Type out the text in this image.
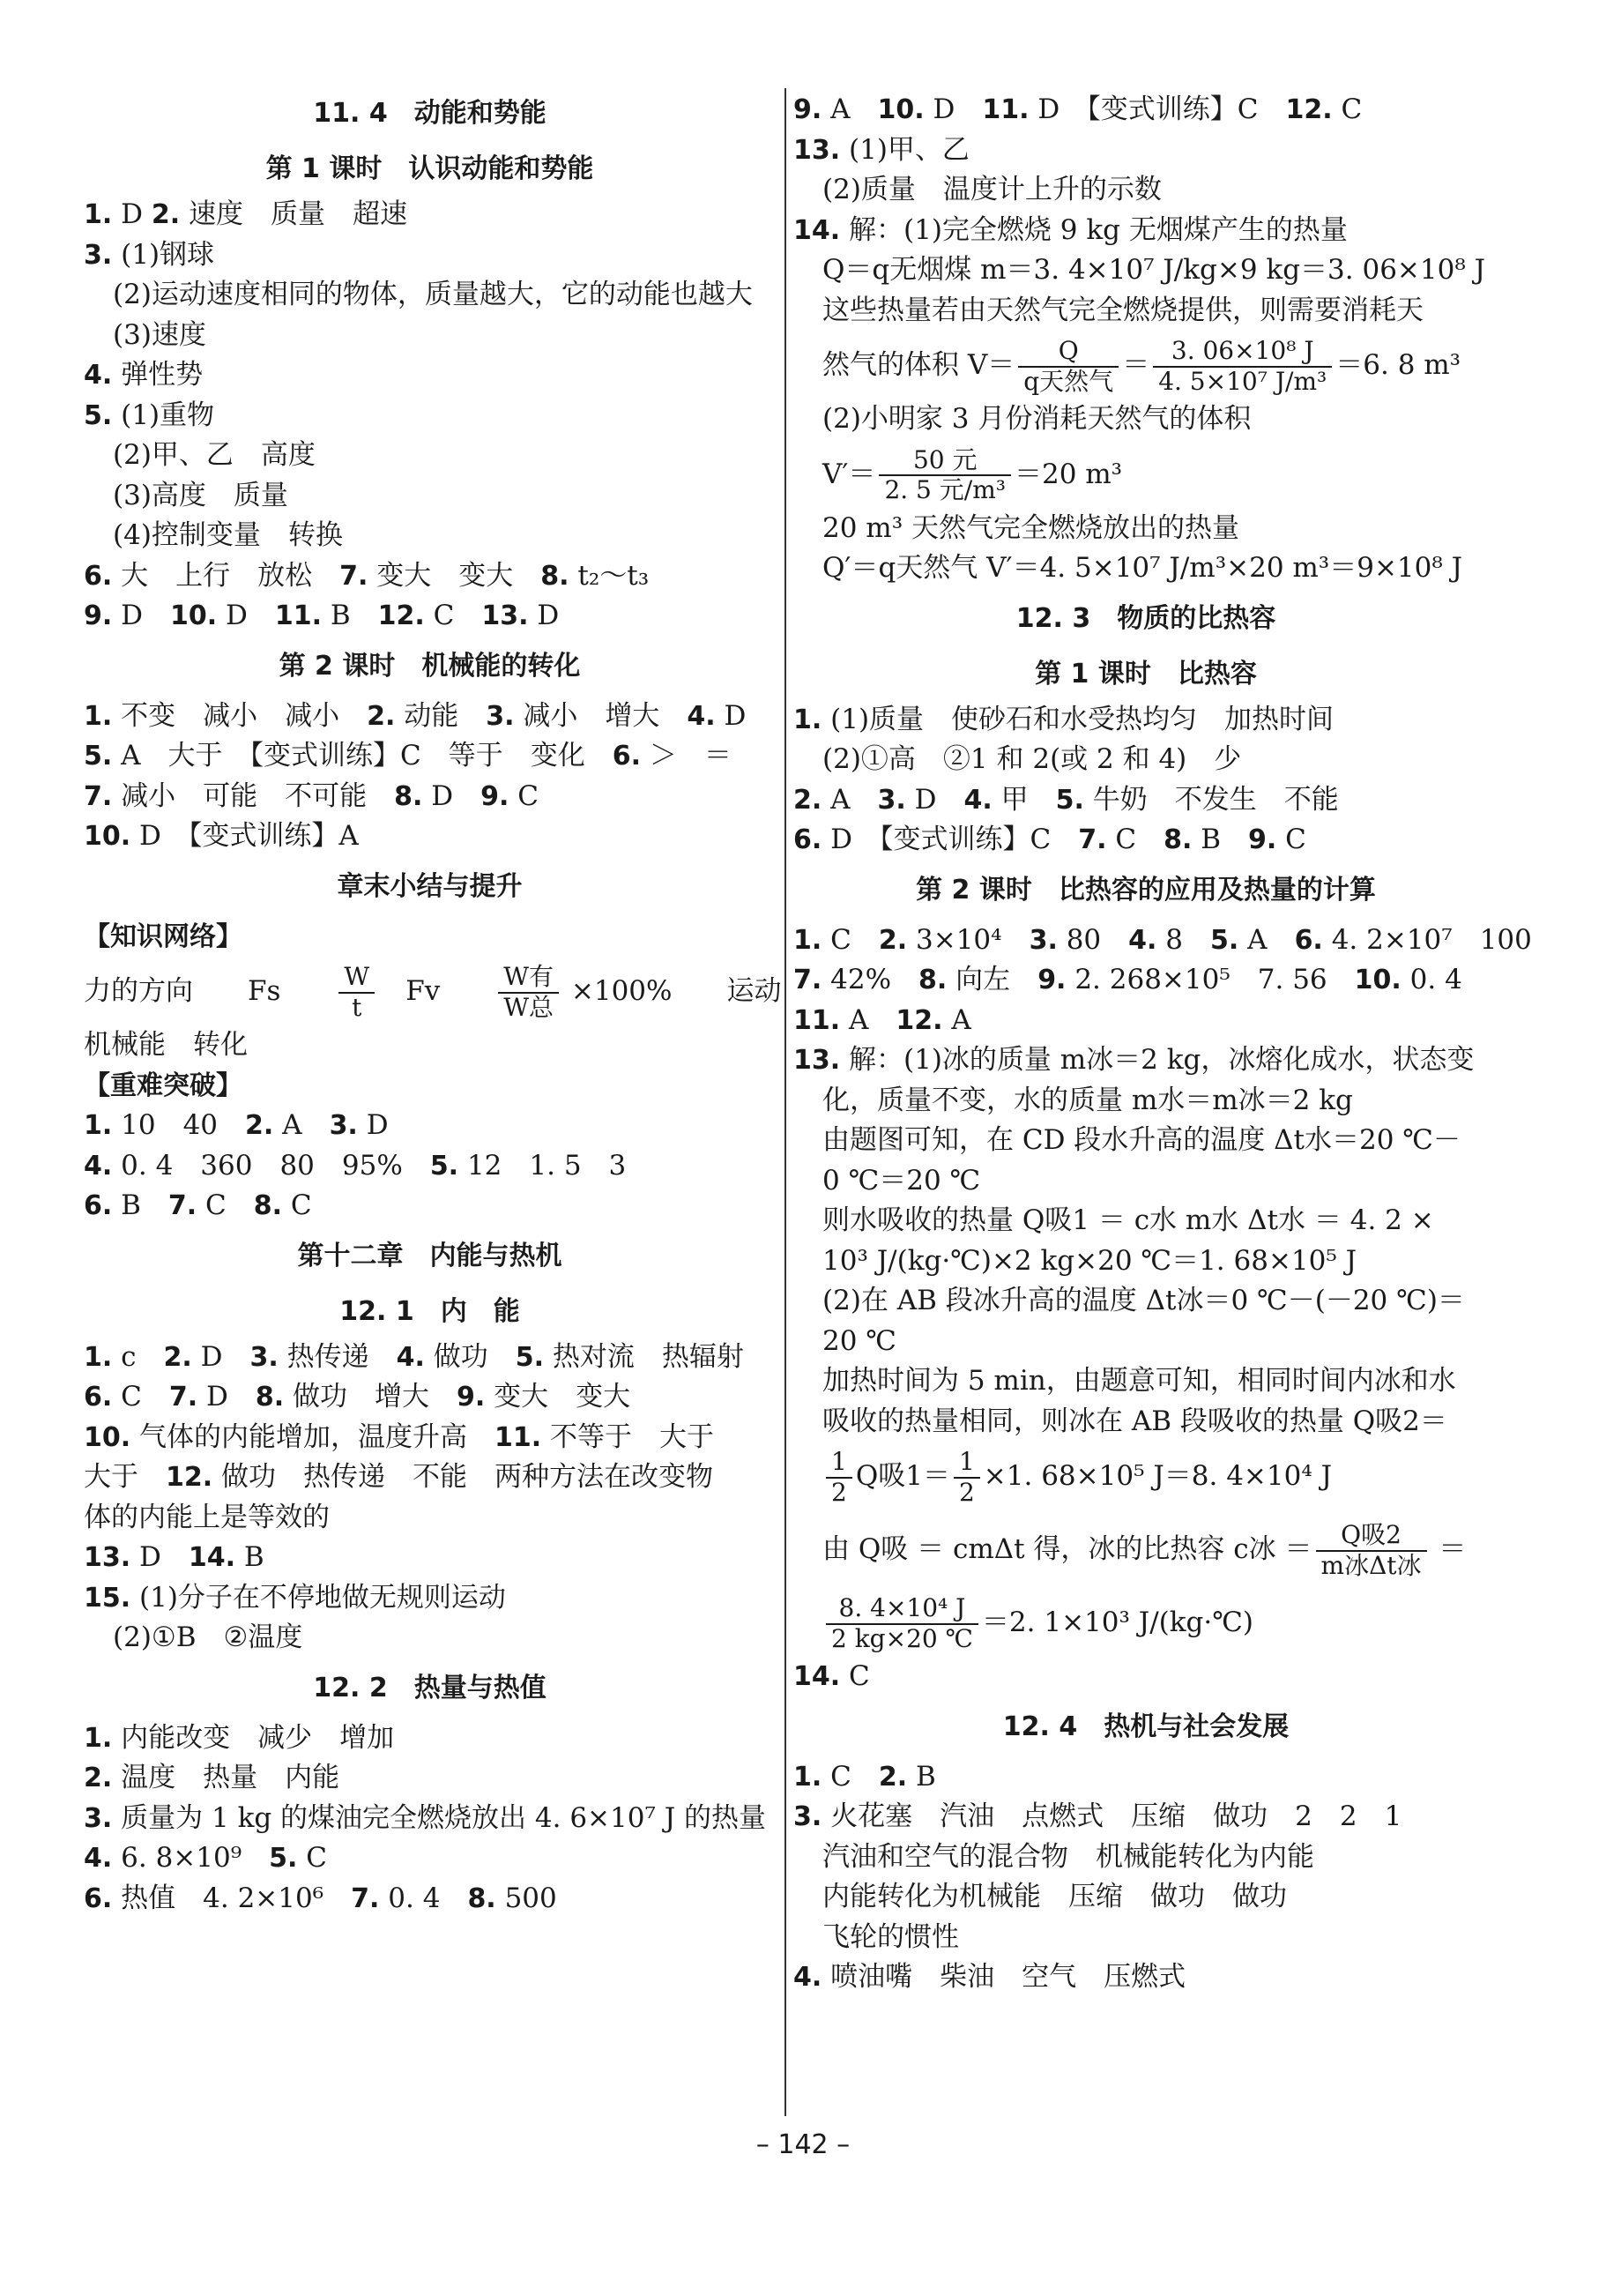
11. 4　动能和势能
第 1 课时　认识动能和势能
1. D 2. 速度　质量　超速
3. (1)钢球
(2)运动速度相同的物体，质量越大，它的动能也越大
(3)速度
4. 弹性势
5. (1)重物
(2)甲、乙　高度
(3)高度　质量
(4)控制变量　转换
6. 大　上行　放松　7. 变大　变大　8. t₂～t₃
9. D　10. D　11. B　12. C　13. D
第 2 课时　机械能的转化
1. 不变　减小　减小　2. 动能　3. 减小　增大　4. D
5. A　大于　【变式训练】C　等于　变化　6. ＞　＝
7. 减小　可能　不可能　8. D　9. C
10. D　【变式训练】A
章末小结与提升
【知识网络】
力的方向　　Fs　　 $\frac{W}{t}$ 　Fv　　 $\frac{\text{W有}}{\text{W总}} \times 100\%$　　运动
机械能　转化
【重难突破】
1. 10　40　2. A　3. D
4. 0. 4　360　80　95%　5. 12　1. 5　3
6. B　7. C　8. C
第十二章　内能与热机
12. 1　内　能
1. c　2. D　3. 热传递　4. 做功　5. 热对流　热辐射
6. C　7. D　8. 做功　增大　9. 变大　变大
10. 气体的内能增加，温度升高　11. 不等于　大于
大于　12. 做功　热传递　不能　两种方法在改变物
体的内能上是等效的
13. D　14. B
15. (1)分子在不停地做无规则运动
(2)①B　②温度
12. 2　热量与热值
1. 内能改变　减少　增加
2. 温度　热量　内能
3. 质量为 1 kg 的煤油完全燃烧放出 4. 6×10⁷ J 的热量
4. 6. 8×10⁹　5. C
6. 热值　4. 2×10⁶　7. 0. 4　8. 500
9. A　10. D　11. D　【变式训练】C　12. C
13. (1)甲、乙
(2)质量　温度计上升的示数
14. 解：(1)完全燃烧 9 kg 无烟煤产生的热量
Q＝q无烟煤 m＝3. 4×10⁷ J/kg×9 kg＝3. 06×10⁸ J
这些热量若由天然气完全燃烧提供，则需要消耗天
然气的体积 $V= \frac{Q}{\text{q天然气}} = \frac{\text{3. 06×10⁸ J}}{\text{4. 5×10⁷ J/m³}} =6$. 8 m³
(2)小明家 3 月份消耗天然气的体积
$V'= \frac{\text{50 元}}{\text{2. 5 元/m³}} =20$ m³
20 m³ 天然气完全燃烧放出的热量
Q′＝q天然气 V′＝4. 5×10⁷ J/m³×20 m³＝9×10⁸ J
12. 3　物质的比热容
第 1 课时　比热容
1. (1)质量　使砂石和水受热均匀　加热时间
(2)①高　②1 和 2(或 2 和 4)　少
2. A　3. D　4. 甲　5. 牛奶　不发生　不能
6. D　【变式训练】C　7. C　8. B　9. C
第 2 课时　比热容的应用及热量的计算
1. C　2. 3×10⁴　3. 80　4. 8　5. A　6. 4. 2×10⁷　100
7. 42%　8. 向左　9. 2. 268×10⁵　7. 56　10. 0. 4
11. A　12. A
13. 解：(1)冰的质量 m冰＝2 kg，冰熔化成水，状态变
化，质量不变，水的质量 m水＝m冰＝2 kg
由题图可知，在 CD 段水升高的温度 Δt水＝20 ℃－
0 ℃＝20 ℃
则水吸收的热量 Q吸1 ＝ c水 m水 Δt水 ＝ 4. 2 ×
10³ J/(kg·℃)×2 kg×20 ℃＝1. 68×10⁵ J
(2)在 AB 段冰升高的温度 Δt冰＝0 ℃－(－20 ℃)＝
20 ℃
加热时间为 5 min，由题意可知，相同时间内冰和水
吸收的热量相同，则冰在 AB 段吸收的热量 Q吸2＝
$\frac{1}{2}$ Q吸$1= \frac{1}{2} \times 1$. 68×10⁵ J＝8. 4×10⁴ J
由 Q吸 ＝ cmΔt 得，冰的比热容 c冰 ＝ $\frac{\text{Q吸2}}{\text{m冰Δt冰}}$ ＝
$\frac{\text{8. 4×10⁴ J}}{2 kg\times 20 ℃} =2$. 1×10³ J/(kg·℃)
14. C
12. 4　热机与社会发展
1. C　2. B
3. 火花塞　汽油　点燃式　压缩　做功　2　2　1
汽油和空气的混合物　机械能转化为内能
内能转化为机械能　压缩　做功　做功
飞轮的惯性
4. 喷油嘴　柴油　空气　压燃式
– 142 –
